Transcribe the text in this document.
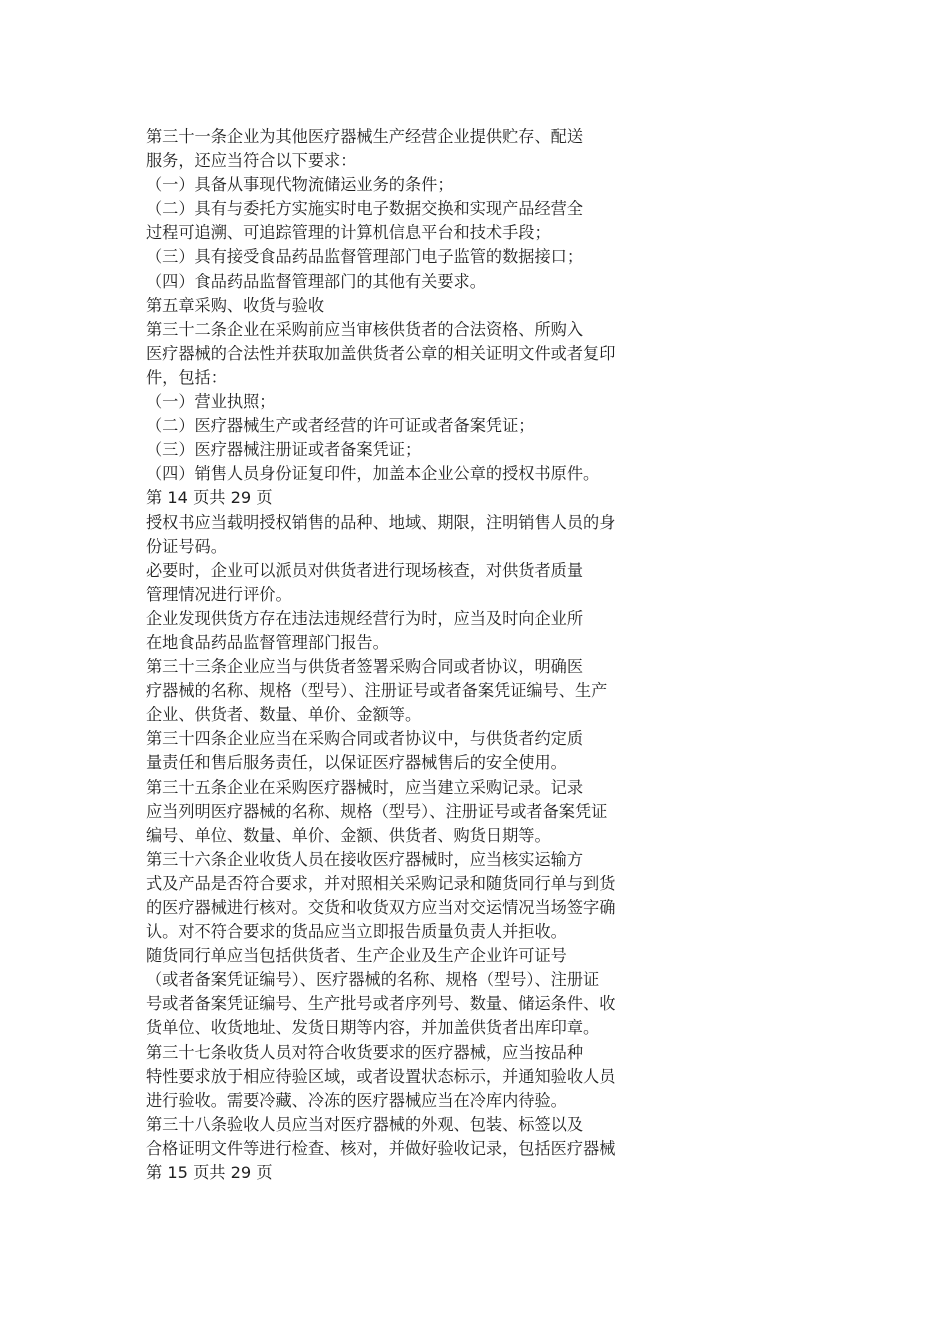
第三十一条企业为其他医疗器械生产经营企业提供贮存、配送

服务，还应当符合以下要求：

（一）具备从事现代物流储运业务的条件；

（二）具有与委托方实施实时电子数据交换和实现产品经营全

过程可追溯、可追踪管理的计算机信息平台和技术手段；

（三）具有接受食品药品监督管理部门电子监管的数据接口；

（四）食品药品监督管理部门的其他有关要求。

第五章采购、收货与验收

第三十二条企业在采购前应当审核供货者的合法资格、所购入

医疗器械的合法性并获取加盖供货者公章的相关证明文件或者复印

件，包括：

（一）营业执照；

（二）医疗器械生产或者经营的许可证或者备案凭证；

（三）医疗器械注册证或者备案凭证；

（四）销售人员身份证复印件，加盖本企业公章的授权书原件。

第 14 页共 29 页

授权书应当载明授权销售的品种、地域、期限，注明销售人员的身

份证号码。

必要时，企业可以派员对供货者进行现场核查，对供货者质量

管理情况进行评价。

企业发现供货方存在违法违规经营行为时，应当及时向企业所

在地食品药品监督管理部门报告。

第三十三条企业应当与供货者签署采购合同或者协议，明确医

疗器械的名称、规格（型号）、注册证号或者备案凭证编号、生产

企业、供货者、数量、单价、金额等。

第三十四条企业应当在采购合同或者协议中，与供货者约定质

量责任和售后服务责任，以保证医疗器械售后的安全使用。

第三十五条企业在采购医疗器械时，应当建立采购记录。记录

应当列明医疗器械的名称、规格（型号）、注册证号或者备案凭证

编号、单位、数量、单价、金额、供货者、购货日期等。

第三十六条企业收货人员在接收医疗器械时，应当核实运输方

式及产品是否符合要求，并对照相关采购记录和随货同行单与到货

的医疗器械进行核对。交货和收货双方应当对交运情况当场签字确

认。对不符合要求的货品应当立即报告质量负责人并拒收。

随货同行单应当包括供货者、生产企业及生产企业许可证号

（或者备案凭证编号）、医疗器械的名称、规格（型号）、注册证

号或者备案凭证编号、生产批号或者序列号、数量、储运条件、收

货单位、收货地址、发货日期等内容，并加盖供货者出库印章。

第三十七条收货人员对符合收货要求的医疗器械，应当按品种

特性要求放于相应待验区域，或者设置状态标示，并通知验收人员

进行验收。需要冷藏、冷冻的医疗器械应当在冷库内待验。

第三十八条验收人员应当对医疗器械的外观、包装、标签以及

合格证明文件等进行检查、核对，并做好验收记录，包括医疗器械

第 15 页共 29 页
